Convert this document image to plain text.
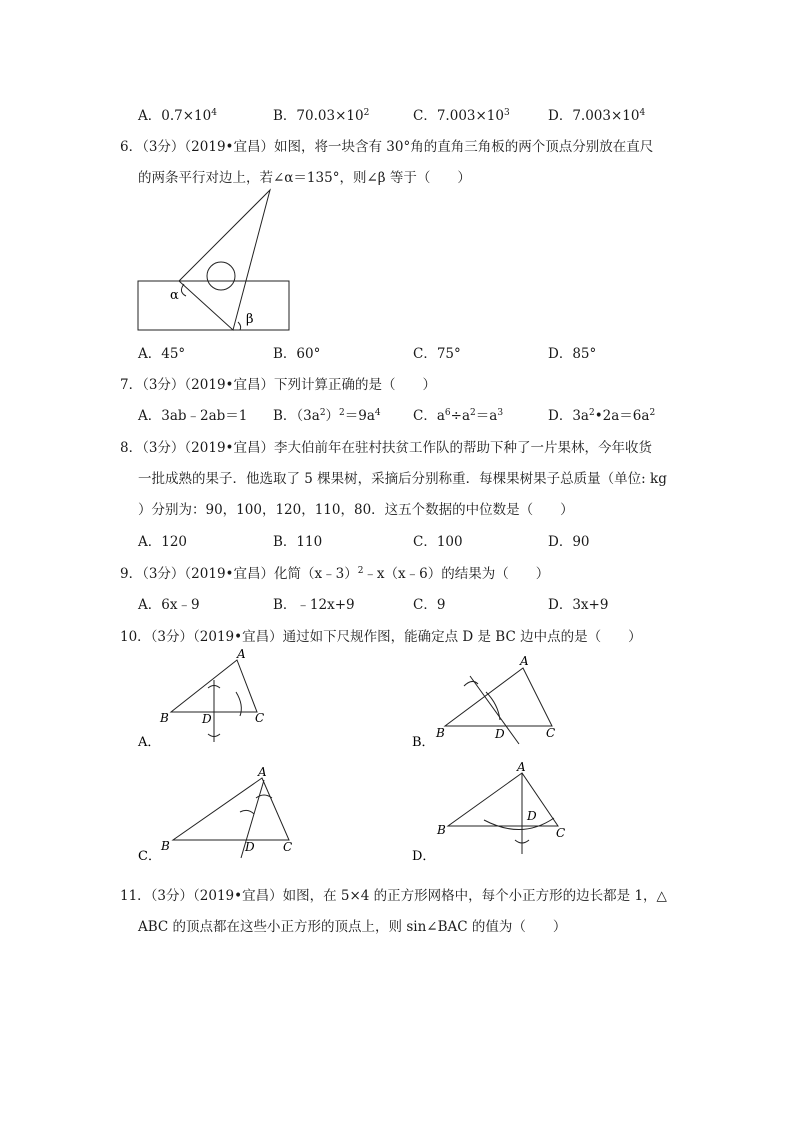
A．$0.7\times 10^4$	B．$70.03\times 10^2$	C．$7.003\times 10^3$	D．$7.003\times 10^4$
6．（3分）（2019•宜昌）如图，将一块含有 30°角的直角三角板的两个顶点分别放在直尺
的两条平行对边上，若∠α＝135°，则∠β 等于（　　）
α
β
A．45°	B．60°	C．75°	D．85°
7．（3分）（2019•宜昌）下列计算正确的是（　　）
A．3ab﹣2ab＝1 B．$(3a^2)^2=9a^4$ C．$a^6\div a^2=a^3$	D．$3a^2•2a=6a^2$
8．（3分）（2019•宜昌）李大伯前年在驻村扶贫工作队的帮助下种了一片果林，今年收货
一批成熟的果子．他选取了 5 棵果树，采摘后分别称重．每棵果树果子总质量（单位: kg
）分别为：90，100，120，110，80．这五个数据的中位数是（　　）
A．120	B．110	C．100	D．90
9．（3分）（2019•宜昌）化简（x﹣3）$^2$﹣x（x﹣6）的结果为（　　）
A．6x﹣9	B．﹣12x+9	C．9	D．3x+9
10．（3分）（2019•宜昌）通过如下尺规作图，能确定点 D 是 BC 边中点的是（　　）
A
B	C
D
A．
A
B	C
D
B．
A
B	C
D
C．
A
B	C
D
D．
11．（3分）（2019•宜昌）如图，在 5×4 的正方形网格中，每个小正方形的边长都是 1，△
ABC 的顶点都在这些小正方形的顶点上，则 sin∠BAC 的值为（　　）
